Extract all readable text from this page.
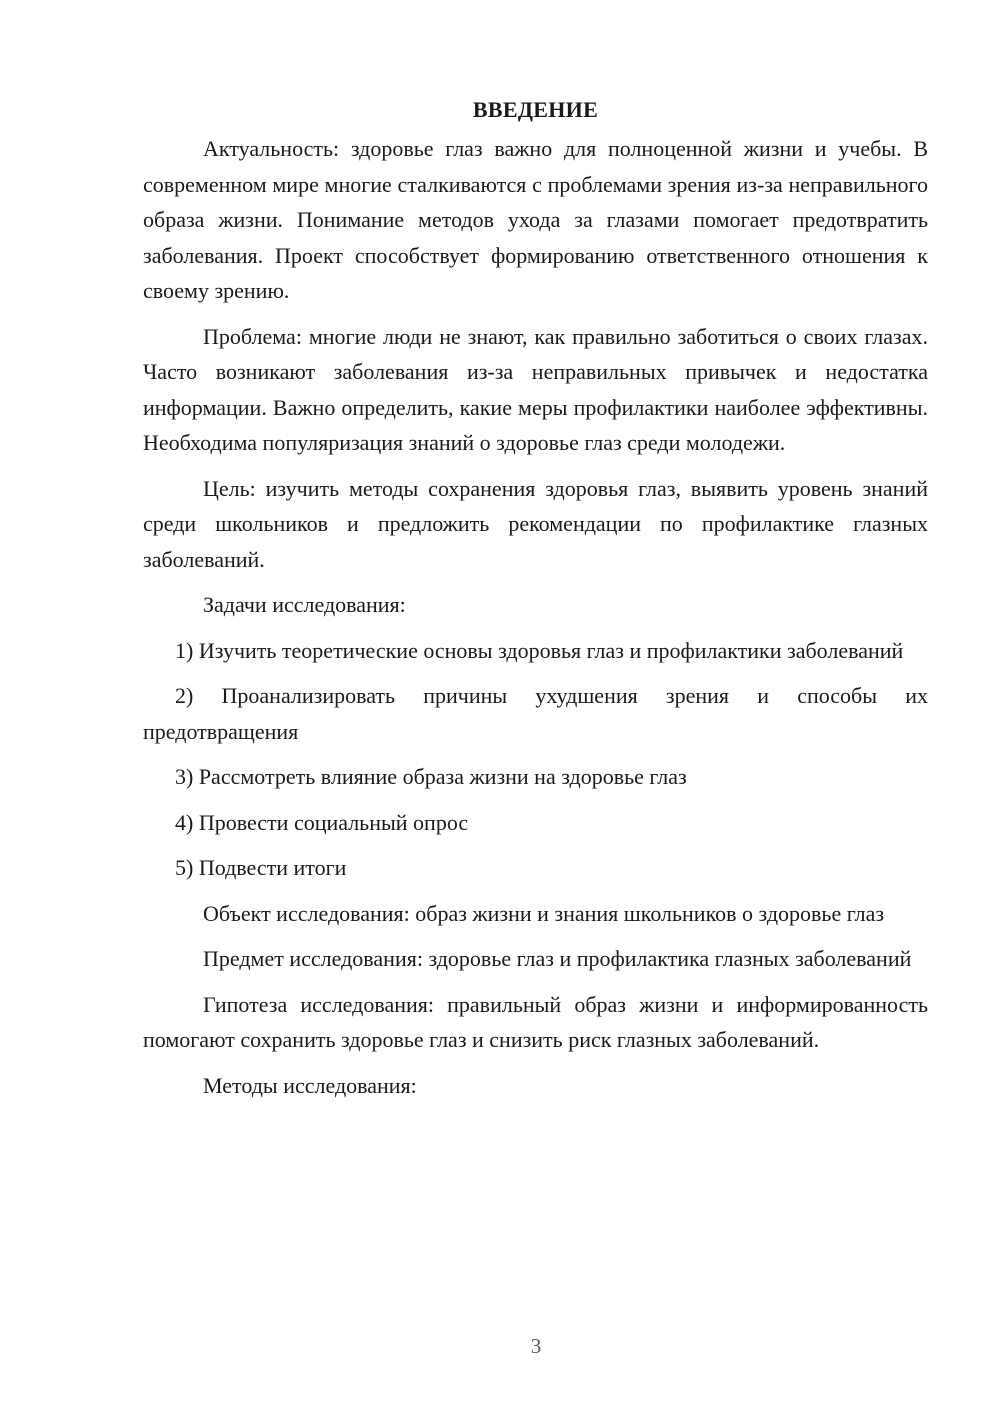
ВВЕДЕНИЕ

Актуальность: здоровье глаз важно для полноценной жизни и учебы. В современном мире многие сталкиваются с проблемами зрения из-за неправильного образа жизни. Понимание методов ухода за глазами помогает предотвратить заболевания. Проект способствует формированию ответственного отношения к своему зрению.

Проблема: многие люди не знают, как правильно заботиться о своих глазах. Часто возникают заболевания из-за неправильных привычек и недостатка информации. Важно определить, какие меры профилактики наиболее эффективны. Необходима популяризация знаний о здоровье глаз среди молодежи.

Цель: изучить методы сохранения здоровья глаз, выявить уровень знаний среди школьников и предложить рекомендации по профилактике глазных заболеваний.

Задачи исследования:

1) Изучить теоретические основы здоровья глаз и профилактики заболеваний

2) Проанализировать причины ухудшения зрения и способы их предотвращения

3) Рассмотреть влияние образа жизни на здоровье глаз

4) Провести социальный опрос

5) Подвести итоги

Объект исследования: образ жизни и знания школьников о здоровье глаз

Предмет исследования: здоровье глаз и профилактика глазных заболеваний

Гипотеза исследования: правильный образ жизни и информированность помогают сохранить здоровье глаз и снизить риск глазных заболеваний.

Методы исследования:

3
